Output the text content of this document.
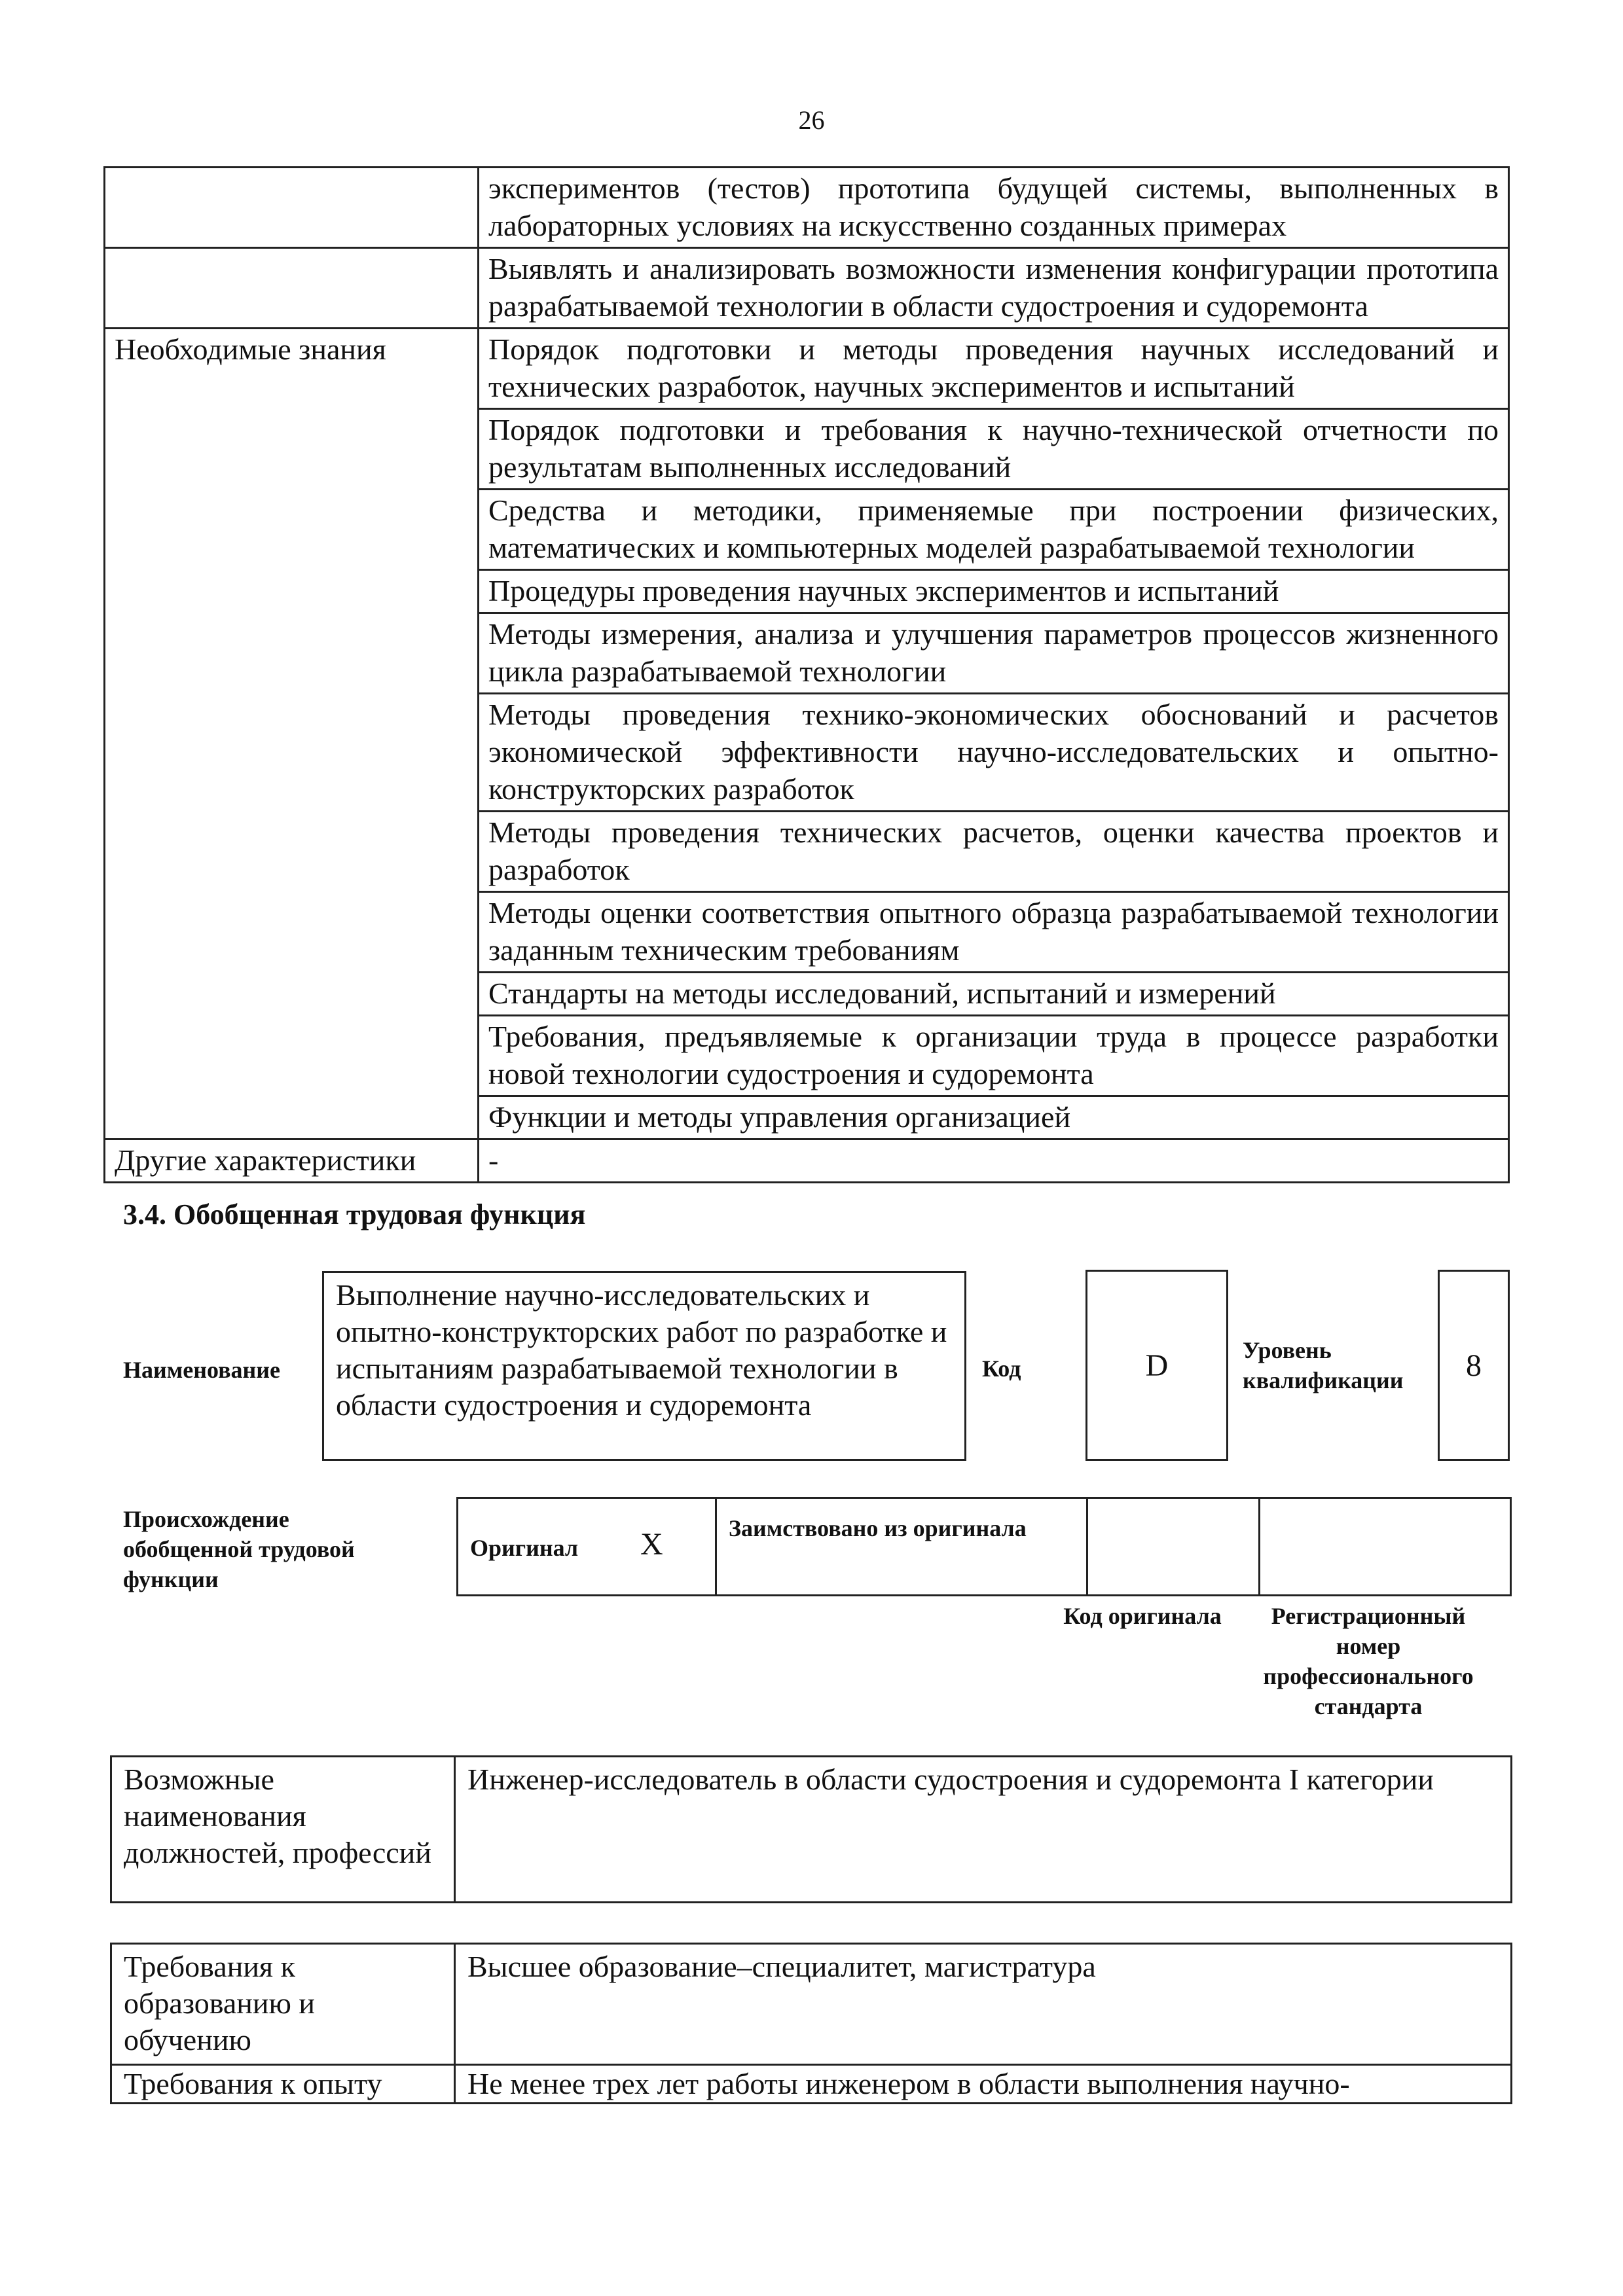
26
	экспериментов (тестов) прототипа будущей системы, выполненных в лабораторных условиях на искусственно созданных примерах
	Выявлять и анализировать возможности изменения конфигурации прототипа разрабатываемой технологии в области судостроения и судоремонта
Необходимые знания	Порядок подготовки и методы проведения научных исследований и технических разработок, научных экспериментов и испытаний
	Порядок подготовки и требования к научно-технической отчетности по результатам выполненных исследований
	Средства и методики, применяемые при построении физических, математических и компьютерных моделей разрабатываемой технологии
	Процедуры проведения научных экспериментов и испытаний
	Методы измерения, анализа и улучшения параметров процессов жизненного цикла разрабатываемой технологии
	Методы проведения технико-экономических обоснований и расчетов экономической эффективности научно-исследовательских и опытно-конструкторских разработок
	Методы проведения технических расчетов, оценки качества проектов и разработок
	Методы оценки соответствия опытного образца разрабатываемой технологии заданным техническим требованиям
	Стандарты на методы исследований, испытаний и измерений
	Требования, предъявляемые к организации труда в процессе разработки новой технологии судостроения и судоремонта
	Функции и методы управления организацией
Другие характеристики	-
3.4. Обобщенная трудовая функция
Наименование
Выполнение научно-исследовательских и опытно-конструкторских работ по разработке и испытаниям разрабатываемой технологии в области судостроения и судоремонта
Код	D	Уровень квалификации	8
Происхождение обобщенной трудовой функции
Оригинал X	Заимствовано из оригинала		
Код оригинала	Регистрационный номер профессионального стандарта
Возможные наименования должностей, профессий	Инженер-исследователь в области судостроения и судоремонта I категории
Требования к образованию и обучению	Высшее образование–специалитет, магистратура
Требования к опыту	Не менее трех лет работы инженером в области выполнения научно-
